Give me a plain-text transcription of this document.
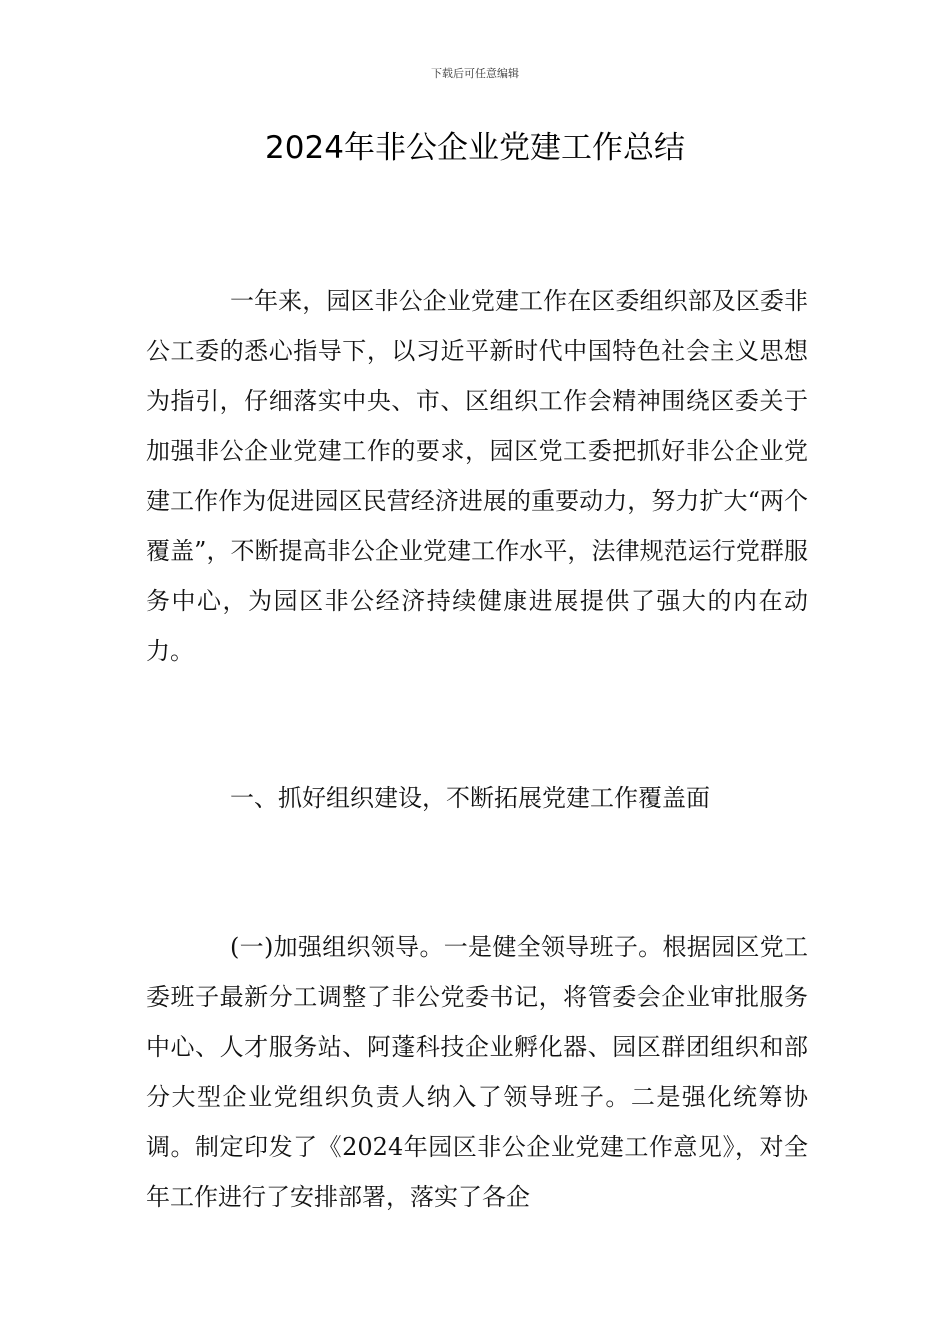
下载后可任意编辑
2024年非公企业党建工作总结

一年来，园区非公企业党建工作在区委组织部及区委非公工委的悉心指导下，以习近平新时代中国特色社会主义思想为指引，仔细落实中央、市、区组织工作会精神围绕区委关于加强非公企业党建工作的要求，园区党工委把抓好非公企业党建工作作为促进园区民营经济进展的重要动力，努力扩大“两个覆盖”，不断提高非公企业党建工作水平，法律规范运行党群服务中心，为园区非公经济持续健康进展提供了强大的内在动力。

一、抓好组织建设，不断拓展党建工作覆盖面

(一)加强组织领导。一是健全领导班子。根据园区党工委班子最新分工调整了非公党委书记，将管委会企业审批服务中心、人才服务站、阿蓬科技企业孵化器、园区群团组织和部分大型企业党组织负责人纳入了领导班子。二是强化统筹协调。制定印发了《2024年园区非公企业党建工作意见》，对全年工作进行了安排部署，落实了各企
